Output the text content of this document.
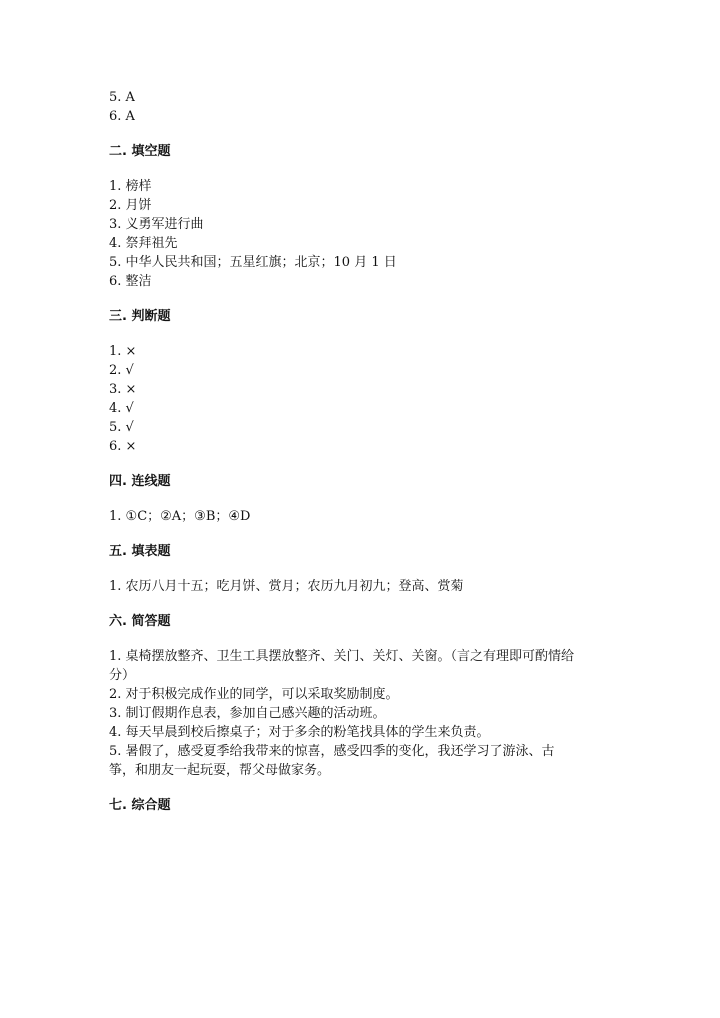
5. A
6. A
二. 填空题
1. 榜样
2. 月饼
3. 义勇军进行曲
4. 祭拜祖先
5. 中华人民共和国；五星红旗；北京；10 月 1 日
6. 整洁
三. 判断题
1. ×
2. √
3. ×
4. √
5. √
6. ×
四. 连线题
1. ①C；②A；③B；④D
五. 填表题
1. 农历八月十五；吃月饼、赏月；农历九月初九；登高、赏菊
六. 简答题
1. 桌椅摆放整齐、卫生工具摆放整齐、关门、关灯、关窗。（言之有理即可酌情给分）
2. 对于积极完成作业的同学，可以采取奖励制度。
3. 制订假期作息表，参加自己感兴趣的活动班。
4. 每天早晨到校后擦桌子；对于多余的粉笔找具体的学生来负责。
5. 暑假了，感受夏季给我带来的惊喜，感受四季的变化，我还学习了游泳、古筝，和朋友一起玩耍，帮父母做家务。
七. 综合题
